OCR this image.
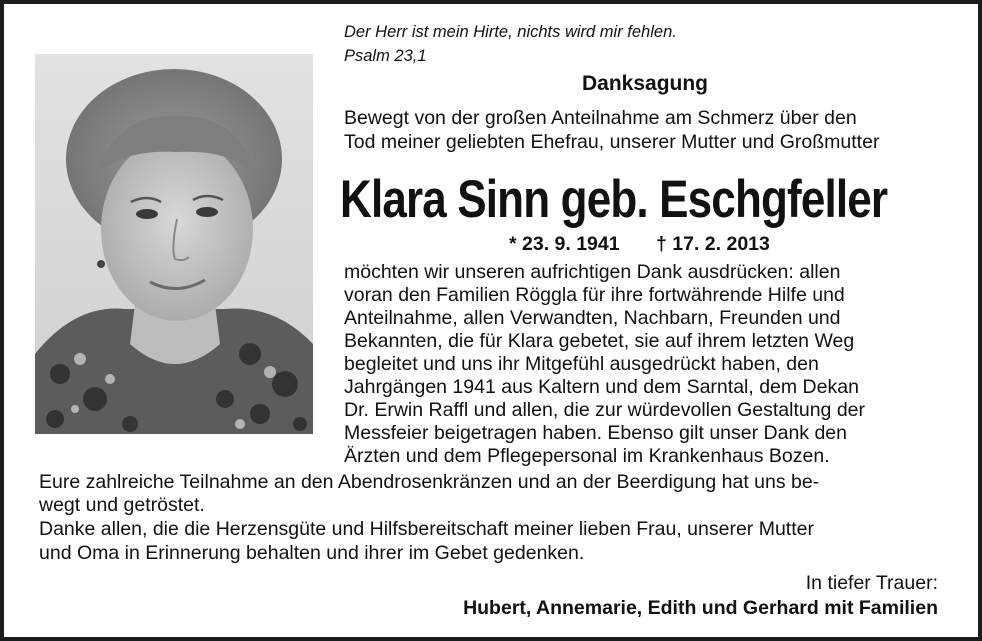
Der Herr ist mein Hirte, nichts wird mir fehlen.
Psalm 23,1
Danksagung
Bewegt von der großen Anteilnahme am Schmerz über den
Tod meiner geliebten Ehefrau, unserer Mutter und Großmutter
Klara Sinn geb. Eschgfeller
* 23. 9. 1941 † 17. 2. 2013
möchten wir unseren aufrichtigen Dank ausdrücken: allen
voran den Familien Röggla für ihre fortwährende Hilfe und
Anteilnahme, allen Verwandten, Nachbarn, Freunden und
Bekannten, die für Klara gebetet, sie auf ihrem letzten Weg
begleitet und uns ihr Mitgefühl ausgedrückt haben, den
Jahrgängen 1941 aus Kaltern und dem Sarntal, dem Dekan
Dr. Erwin Raffl und allen, die zur würdevollen Gestaltung der
Messfeier beigetragen haben. Ebenso gilt unser Dank den
Ärzten und dem Pflegepersonal im Krankenhaus Bozen.
Eure zahlreiche Teilnahme an den Abendrosenkränzen und an der Beerdigung hat uns be-
wegt und getröstet.
Danke allen, die die Herzensgüte und Hilfsbereitschaft meiner lieben Frau, unserer Mutter
und Oma in Erinnerung behalten und ihrer im Gebet gedenken.
In tiefer Trauer:
Hubert, Annemarie, Edith und Gerhard mit Familien
